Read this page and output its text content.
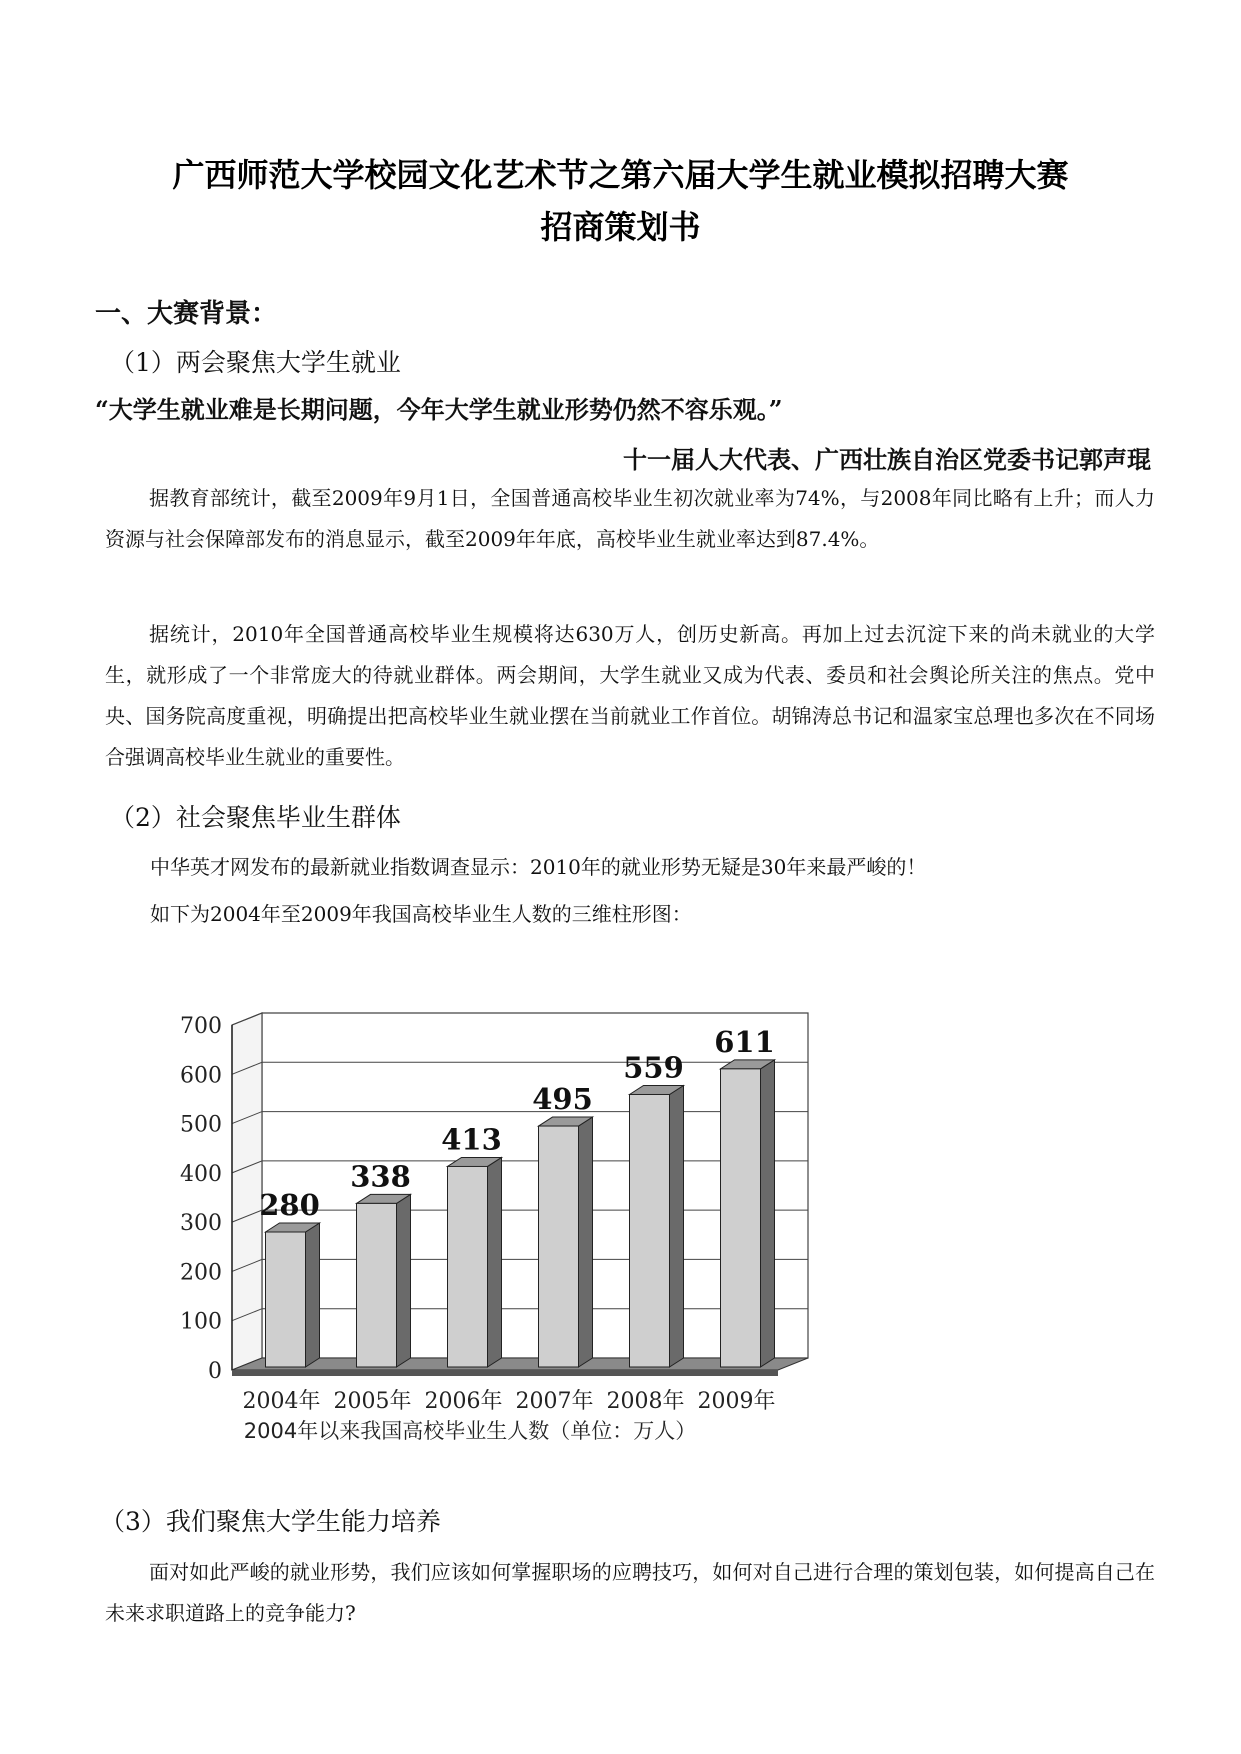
广西师范大学校园文化艺术节之第六届大学生就业模拟招聘大赛
招商策划书
一、大赛背景：
（1）两会聚焦大学生就业
“大学生就业难是长期问题，今年大学生就业形势仍然不容乐观。”
十一届人大代表、广西壮族自治区党委书记郭声琨
据教育部统计，截至2009年9月1日，全国普通高校毕业生初次就业率为74%，与2008年同比略有上升；而人力资源与社会保障部发布的消息显示，截至2009年年底，高校毕业生就业率达到87.4%。
据统计，2010年全国普通高校毕业生规模将达630万人，创历史新高。再加上过去沉淀下来的尚未就业的大学生，就形成了一个非常庞大的待就业群体。两会期间，大学生就业又成为代表、委员和社会舆论所关注的焦点。党中央、国务院高度重视，明确提出把高校毕业生就业摆在当前就业工作首位。胡锦涛总书记和温家宝总理也多次在不同场合强调高校毕业生就业的重要性。
（2）社会聚焦毕业生群体
中华英才网发布的最新就业指数调查显示：2010年的就业形势无疑是30年来最严峻的！
如下为2004年至2009年我国高校毕业生人数的三维柱形图：
0
100
200
300
400
500
600
700
280
2004年
338
2005年
413
2006年
495
2007年
559
2008年
611
2009年
2004年以来我国高校毕业生人数（单位：万人）
（3）我们聚焦大学生能力培养
面对如此严峻的就业形势，我们应该如何掌握职场的应聘技巧，如何对自己进行合理的策划包装，如何提高自己在未来求职道路上的竞争能力?
